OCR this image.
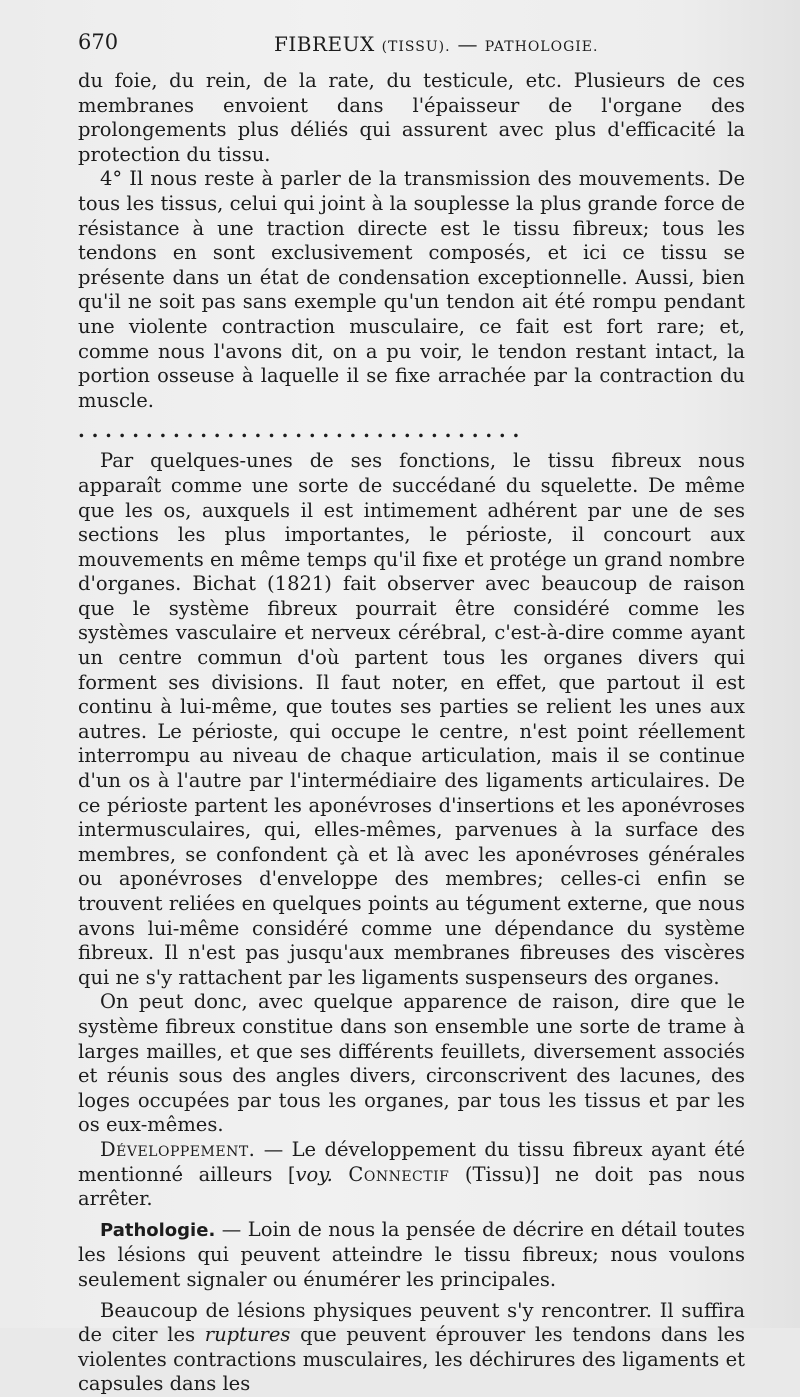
670	FIBREUX (TISSU). — PATHOLOGIE.

du foie, du rein, de la rate, du testicule, etc. Plusieurs de ces membranes envoient dans l'épaisseur de l'organe des prolongements plus déliés qui assurent avec plus d'efficacité la protection du tissu.

4° Il nous reste à parler de la transmission des mouvements. De tous les tissus, celui qui joint à la souplesse la plus grande force de résistance à une traction directe est le tissu fibreux; tous les tendons en sont exclusivement composés, et ici ce tissu se présente dans un état de condensation exceptionnelle. Aussi, bien qu'il ne soit pas sans exemple qu'un tendon ait été rompu pendant une violente contraction musculaire, ce fait est fort rare; et, comme nous l'avons dit, on a pu voir, le tendon restant intact, la portion osseuse à laquelle il se fixe arrachée par la contraction du muscle.

. . . . . . . . . . . . . . . . . . . . . . . . . . . . . . . . .

Par quelques-unes de ses fonctions, le tissu fibreux nous apparaît comme une sorte de succédané du squelette. De même que les os, auxquels il est intimement adhérent par une de ses sections les plus importantes, le périoste, il concourt aux mouvements en même temps qu'il fixe et protége un grand nombre d'organes. Bichat (1821) fait observer avec beaucoup de raison que le système fibreux pourrait être considéré comme les systèmes vasculaire et nerveux cérébral, c'est-à-dire comme ayant un centre commun d'où partent tous les organes divers qui forment ses divisions. Il faut noter, en effet, que partout il est continu à lui-même, que toutes ses parties se relient les unes aux autres. Le périoste, qui occupe le centre, n'est point réellement interrompu au niveau de chaque articulation, mais il se continue d'un os à l'autre par l'intermédiaire des ligaments articulaires. De ce périoste partent les aponévroses d'insertions et les aponévroses intermusculaires, qui, elles-mêmes, parvenues à la surface des membres, se confondent çà et là avec les aponévroses générales ou aponévroses d'enveloppe des membres; celles-ci enfin se trouvent reliées en quelques points au tégument externe, que nous avons lui-même considéré comme une dépendance du système fibreux. Il n'est pas jusqu'aux membranes fibreuses des viscères qui ne s'y rattachent par les ligaments suspenseurs des organes.

On peut donc, avec quelque apparence de raison, dire que le système fibreux constitue dans son ensemble une sorte de trame à larges mailles, et que ses différents feuillets, diversement associés et réunis sous des angles divers, circonscrivent des lacunes, des loges occupées par tous les organes, par tous les tissus et par les os eux-mêmes.

Développement. — Le développement du tissu fibreux ayant été mentionné ailleurs [voy. Connectif (Tissu)] ne doit pas nous arrêter.

Pathologie. — Loin de nous la pensée de décrire en détail toutes les lésions qui peuvent atteindre le tissu fibreux; nous voulons seulement signaler ou énumérer les principales.

Beaucoup de lésions physiques peuvent s'y rencontrer. Il suffira de citer les ruptures que peuvent éprouver les tendons dans les violentes contractions musculaires, les déchirures des ligaments et capsules dans les
